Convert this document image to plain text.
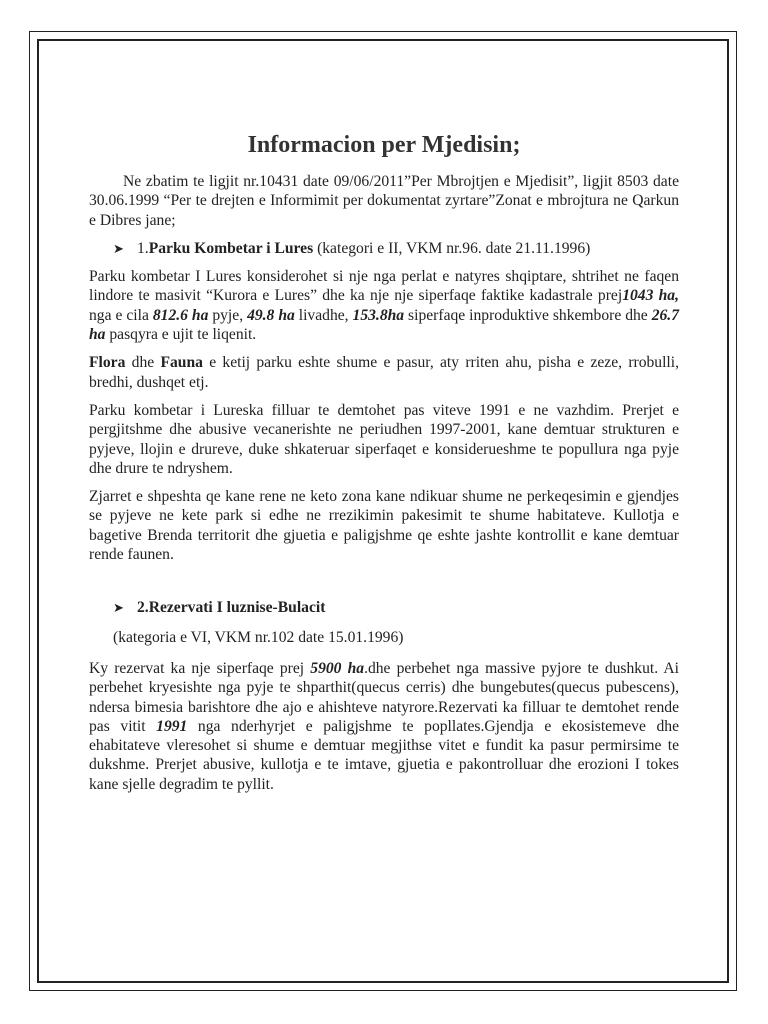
Informacion per Mjedisin;

Ne zbatim te ligjit nr.10431 date 09/06/2011”Per Mbrojtjen e Mjedisit”, ligjit 8503 date 30.06.1999 “Per te drejten e Informimit per dokumentat zyrtare”Zonat e mbrojtura ne Qarkun e Dibres jane;

➤ 1.Parku Kombetar i Lures (kategori e II, VKM nr.96. date 21.11.1996)

Parku kombetar I Lures konsiderohet si nje nga perlat e natyres shqiptare, shtrihet ne faqen lindore te masivit “Kurora e Lures” dhe ka nje nje siperfaqe faktike kadastrale prej1043 ha, nga e cila 812.6 ha pyje, 49.8 ha livadhe, 153.8ha siperfaqe inproduktive shkembore dhe 26.7 ha pasqyra e ujit te liqenit.

Flora dhe Fauna e ketij parku eshte shume e pasur, aty rriten ahu, pisha e zeze, rrobulli, bredhi, dushqet etj.

Parku kombetar i Lureska filluar te demtohet pas viteve 1991 e ne vazhdim. Prerjet e pergjitshme dhe abusive vecanerishte ne periudhen 1997-2001, kane demtuar strukturen e pyjeve, llojin e drureve, duke shkateruar siperfaqet e konsiderueshme te popullura nga pyje dhe drure te ndryshem.

Zjarret e shpeshta qe kane rene ne keto zona kane ndikuar shume ne perkeqesimin e gjendjes se pyjeve ne kete park si edhe ne rrezikimin pakesimit te shume habitateve. Kullotja e bagetive Brenda territorit dhe gjuetia e paligjshme qe eshte jashte kontrollit e kane demtuar rende faunen.

➤ 2.Rezervati I luznise-Bulacit

(kategoria e VI, VKM nr.102 date 15.01.1996)

Ky rezervat ka nje siperfaqe prej 5900 ha.dhe perbehet nga massive pyjore te dushkut. Ai perbehet kryesishte nga pyje te shparthit(quecus cerris) dhe bungebutes(quecus pubescens), ndersa bimesia barishtore dhe ajo e ahishteve natyrore.Rezervati ka filluar te demtohet rende pas vitit 1991 nga nderhyrjet e paligjshme te popllates.Gjendja e ekosistemeve dhe ehabitateve vleresohet si shume e demtuar megjithse vitet e fundit ka pasur permirsime te dukshme. Prerjet abusive, kullotja e te imtave, gjuetia e pakontrolluar dhe erozioni I tokes kane sjelle degradim te pyllit.
